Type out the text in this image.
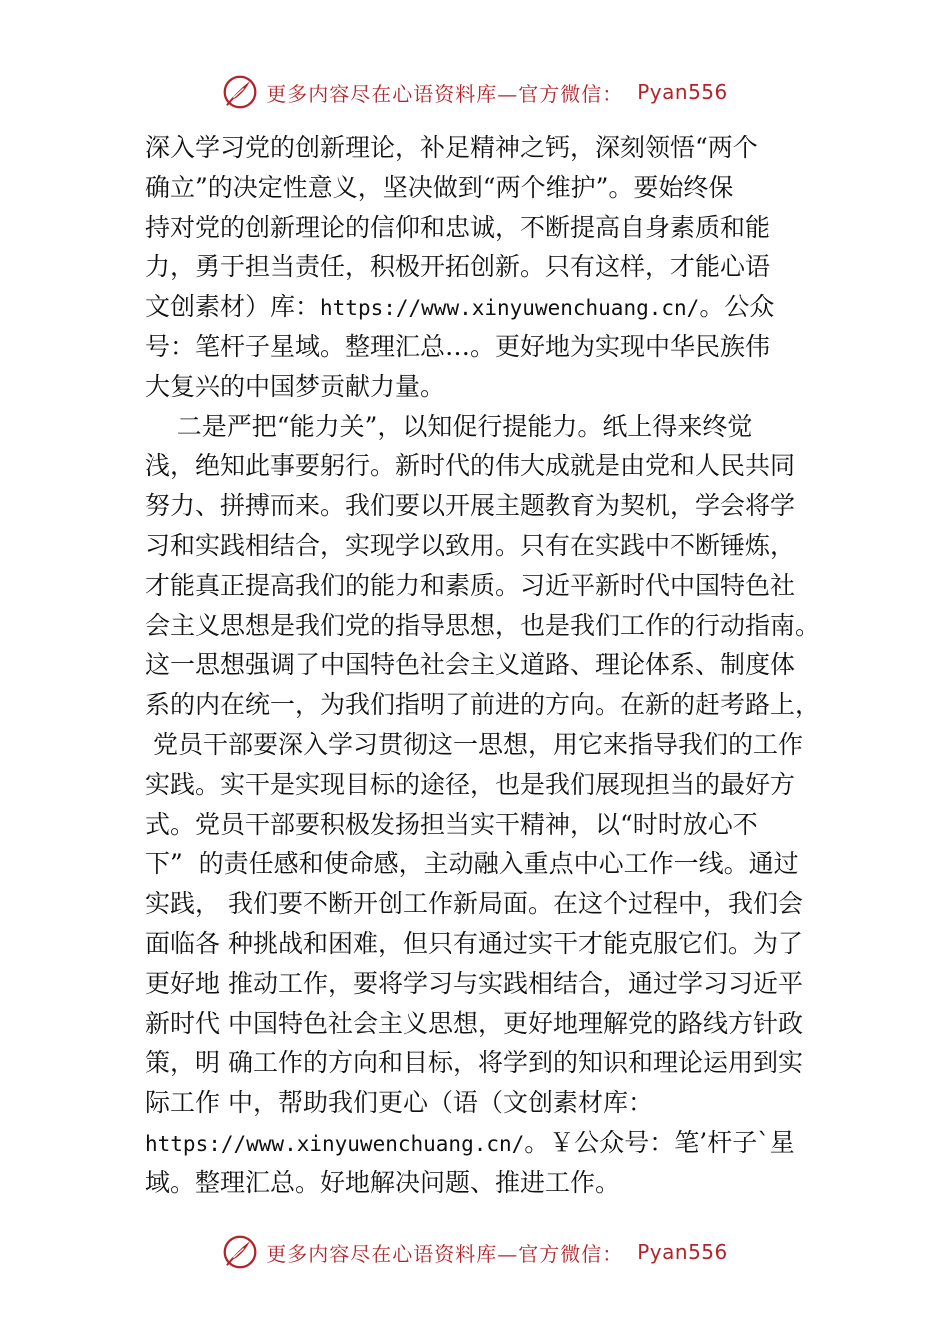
更多内容尽在心语资料库—官方微信： Pyan556
深入学习党的创新理论，补足精神之钙，深刻领悟“两个
确立”的决定性意义，坚决做到“两个维护”。要始终保
持对党的创新理论的信仰和忠诚，不断提高自身素质和能
力，勇于担当责任，积极开拓创新。只有这样，才能心语
文创素材）库：https://www.xinyuwenchuang.cn/。公众
号：笔杆子星域。整理汇总…。更好地为实现中华民族伟
大复兴的中国梦贡献力量。
二是严把“能力关”，以知促行提能力。纸上得来终觉
浅，绝知此事要躬行。新时代的伟大成就是由党和人民共同
努力、拼搏而来。我们要以开展主题教育为契机，学会将学
习和实践相结合，实现学以致用。只有在实践中不断锤炼，
才能真正提高我们的能力和素质。习近平新时代中国特色社
会主义思想是我们党的指导思想，也是我们工作的行动指南。
这一思想强调了中国特色社会主义道路、理论体系、制度体
系的内在统一，为我们指明了前进的方向。在新的赶考路上，
党员干部要深入学习贯彻这一思想，用它来指导我们的工作
实践。实干是实现目标的途径，也是我们展现担当的最好方
式。党员干部要积极发扬担当实干精神，以“时时放心不
下”  的责任感和使命感，主动融入重点中心工作一线。通过
实践， 我们要不断开创工作新局面。在这个过程中，我们会
面临各 种挑战和困难，但只有通过实干才能克服它们。为了
更好地 推动工作，要将学习与实践相结合，通过学习习近平
新时代 中国特色社会主义思想，更好地理解党的路线方针政
策，明 确工作的方向和目标，将学到的知识和理论运用到实
际工作 中，帮助我们更心（语（文创素材库：
https://www.xinyuwenchuang.cn/。￥公众号：笔’杆子`星
域。整理汇总。好地解决问题、推进工作。
更多内容尽在心语资料库—官方微信： Pyan556
